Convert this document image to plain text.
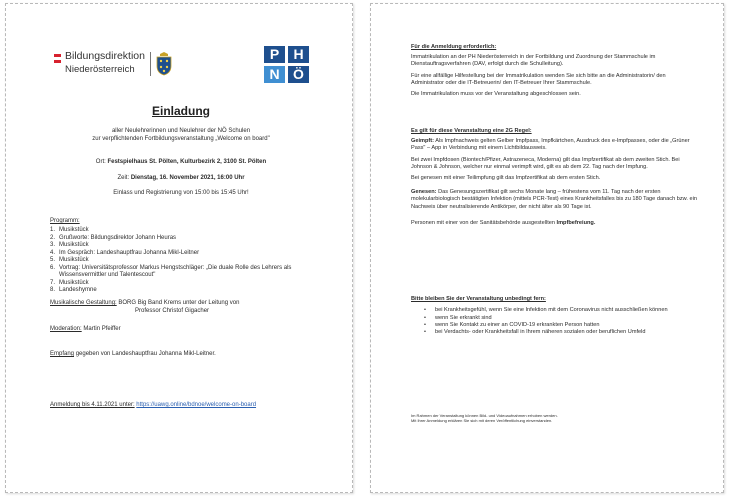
Bildungsdirektion
Niederösterreich
P	H
N Ö
Einladung
aller Neulehrerinnen und Neulehrer der NÖ Schulen
zur verpflichtenden Fortbildungsveranstaltung „Welcome on board"
Ort: Festspielhaus St. Pölten, Kulturbezirk 2, 3100 St. Pölten
Zeit: Dienstag, 16. November 2021, 16:00 Uhr
Einlass und Registrierung von 15:00 bis 15:45 Uhr!
Programm:
1. Musikstück
2. Grußworte: Bildungsdirektor Johann Heuras
3. Musikstück
4. Im Gespräch: Landeshauptfrau Johanna Mikl-Leitner
5. Musikstück
6. Vortrag: Universitätsprofessor Markus Hengstschläger: „Die duale Rolle des Lehrers als
Wissensvermittler und Talentescout"
7. Musikstück
8. Landeshymne
Musikalische Gestaltung: BORG Big Band Krems unter der Leitung von
Professor Christof Gigacher
Moderation: Martin Pfeiffer
Empfang gegeben von Landeshauptfrau Johanna Mikl-Leitner.
Anmeldung bis 4.11.2021 unter: https://uawg.online/bdnoe/welcome-on-board

Für die Anmeldung erforderlich:

Immatrikulation an der PH Niederösterreich in der Fortbildung und Zuordnung der Stammschule im Dienstauftragsverfahren (DAV, erfolgt durch die Schulleitung).

Für eine allfällige Hilfestellung bei der Immatrikulation wenden Sie sich bitte an die Administratorin/ den Administrator oder die IT-Betreuerin/ den IT-Betreuer Ihrer Stammschule.

Die Immatrikulation muss vor der Veranstaltung abgeschlossen sein.

Es gilt für diese Veranstaltung eine 2G Regel:

Geimpft: Als Impfnachweis gelten Gelber Impfpass, Impfkärtchen, Ausdruck des e-Impfpasses, oder die „Grüner Pass" – App in Verbindung mit einem Lichtbildausweis.

Bei zwei Impfdosen (Biontech/Pfizer, Astrazeneca, Moderna) gilt das Impfzertifikat ab dem zweiten Stich. Bei Johnson & Johnson, welcher nur einmal verimpft wird, gilt es ab dem 22. Tag nach der Impfung.

Bei genesen mit einer Teilimpfung gilt das Impfzertifikat ab dem ersten Stich.

Genesen: Das Genesungszertifikat gilt sechs Monate lang – frühestens vom 11. Tag nach der ersten molekularbiologisch bestätigten Infektion (mittels PCR-Test) eines Krankheitsfalles bis zu 180 Tage danach bzw. ein Nachweis über neutralisierende Antikörper, der nicht älter als 90 Tage ist.

Personen mit einer von der Sanitätsbehörde ausgestellten Impfbefreiung.

Bitte bleiben Sie der Veranstaltung unbedingt fern:

• bei Krankheitsgefühl, wenn Sie eine Infektion mit dem Coronavirus nicht ausschließen können
• wenn Sie erkrankt sind
• wenn Sie Kontakt zu einer an COVID-19 erkrankten Person hatten
• bei Verdachts- oder Krankheitsfall in Ihrem näheren sozialen oder beruflichen Umfeld

Im Rahmen der Veranstaltung können Bild- und Videoaufnahmen erhoben werden.

Mit Ihrer Anmeldung erklären Sie sich mit deren Veröffentlichung einverstanden.
